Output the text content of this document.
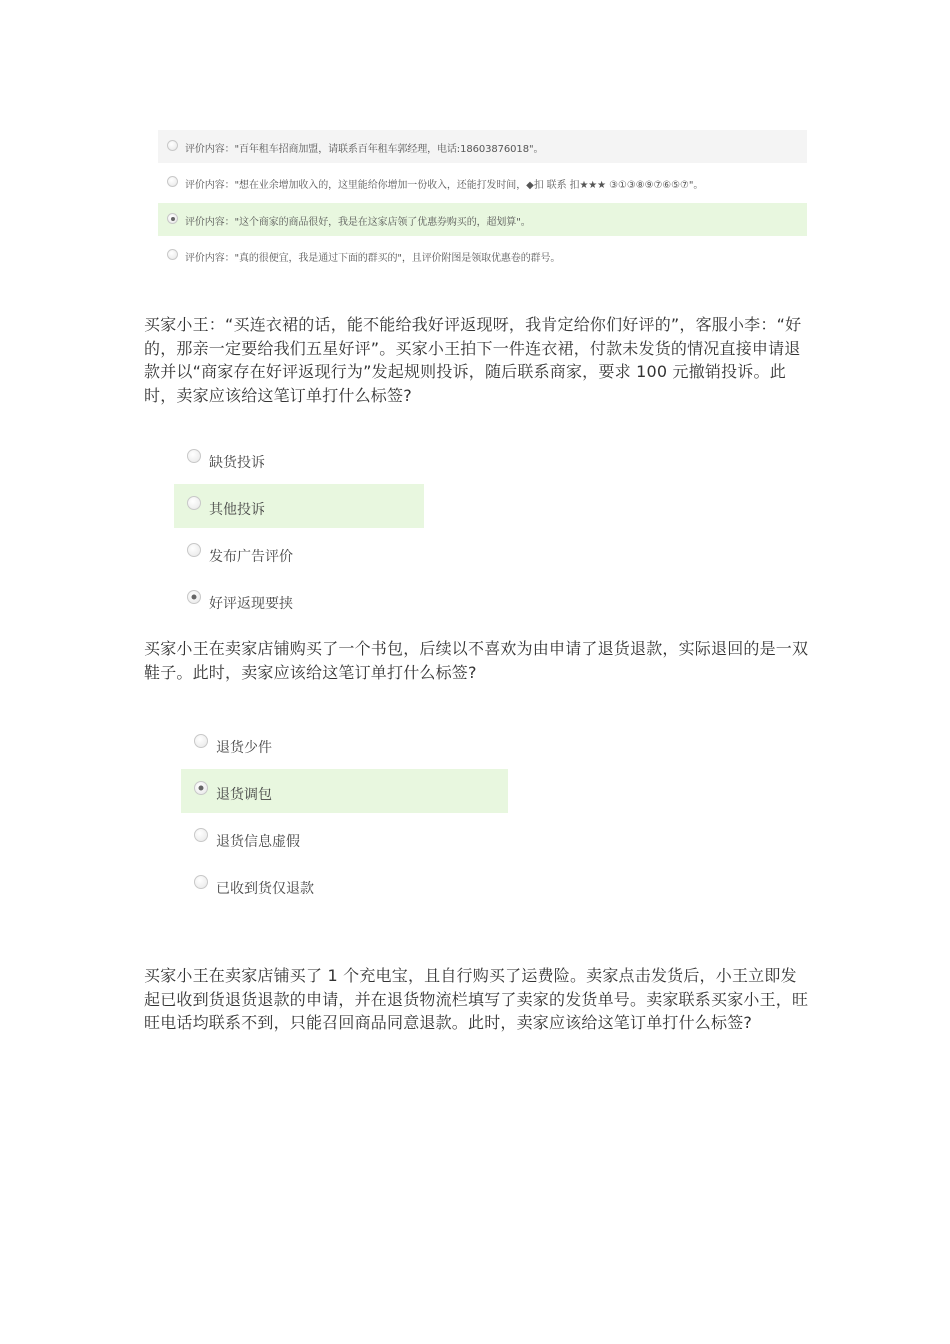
评价内容："百年租车招商加盟，请联系百年租车郭经理，电话:18603876018"。
评价内容："想在业余增加收入的，这里能给你增加一份收入，还能打发时间，◆扣 联系 扣★★★ ③①③⑧⑨⑦⑥⑤⑦"。
评价内容："这个商家的商品很好，我是在这家店领了优惠券购买的，超划算"。
评价内容："真的很便宜，我是通过下面的群买的"，且评价附图是领取优惠卷的群号。
买家小王：“买连衣裙的话，能不能给我好评返现呀，我肯定给你们好评的”，客服小李：“好的，那亲一定要给我们五星好评”。买家小王拍下一件连衣裙，付款未发货的情况直接申请退款并以“商家存在好评返现行为”发起规则投诉，随后联系商家，要求 100 元撤销投诉。此时，卖家应该给这笔订单打什么标签?
缺货投诉
其他投诉
发布广告评价
好评返现要挟
买家小王在卖家店铺购买了一个书包，后续以不喜欢为由申请了退货退款，实际退回的是一双鞋子。此时，卖家应该给这笔订单打什么标签?
退货少件
退货调包
退货信息虚假
已收到货仅退款
买家小王在卖家店铺买了 1 个充电宝，且自行购买了运费险。卖家点击发货后，小王立即发起已收到货退货退款的申请，并在退货物流栏填写了卖家的发货单号。卖家联系买家小王，旺旺电话均联系不到，只能召回商品同意退款。此时，卖家应该给这笔订单打什么标签?
